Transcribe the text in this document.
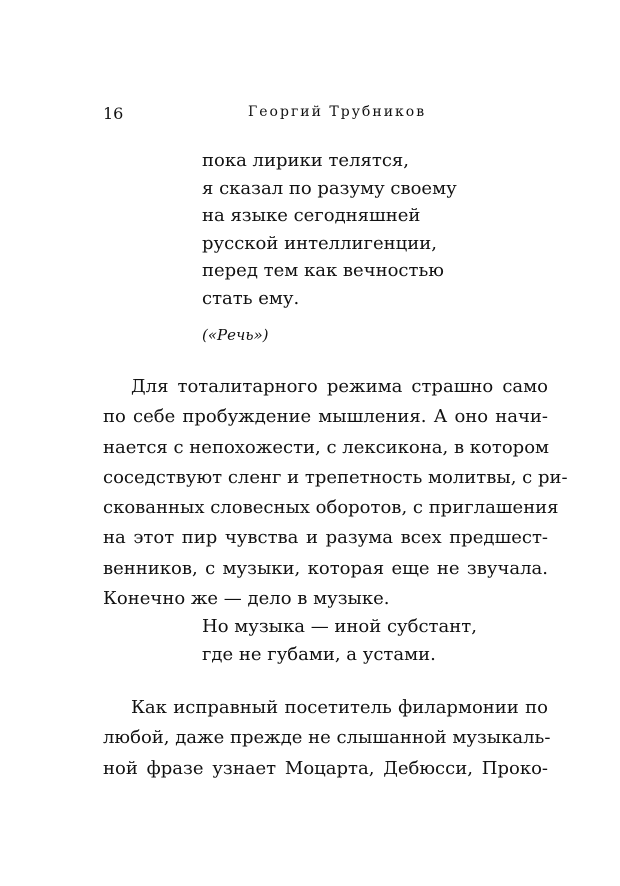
16	Георгий Трубников
пока лирики телятся,
я сказал по разуму своему
на языке сегодняшней
русской интеллигенции,
перед тем как вечностью
стать ему.
(«Речь»)
Для тоталитарного режима страшно само
по себе пробуждение мышления. А оно начи-
нается с непохожести, с лексикона, в котором
соседствуют сленг и трепетность молитвы, с ри-
скованных словесных оборотов, с приглашения
на этот пир чувства и разума всех предшест-
венников, с музыки, которая еще не звучала.
Конечно же — дело в музыке.
Но музыка — иной субстант,
где не губами, а устами.
Как исправный посетитель филармонии по
любой, даже прежде не слышанной музыкаль-
ной фразе узнает Моцарта, Дебюсси, Проко-
